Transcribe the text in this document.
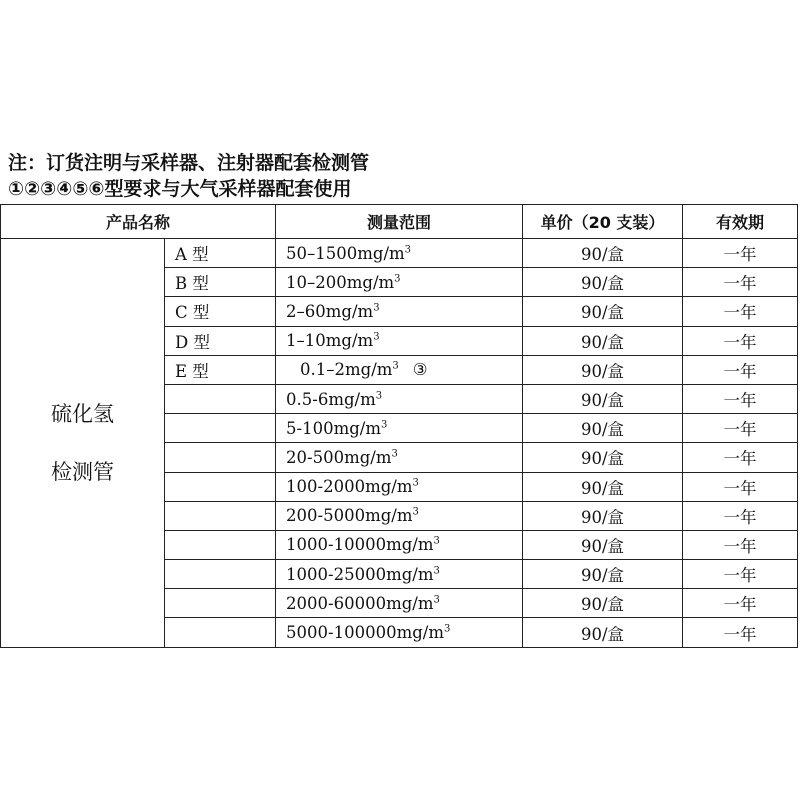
注：订货注明与采样器、注射器配套检测管
①②③④⑤⑥型要求与大气采样器配套使用
产品名称		测量范围	单价（20 支装）	有效期

硫化氢
检测管	A 型	$50-1500mg/m^3$	90/盒	一年
	B 型	$10-200mg/m^3$	90/盒	一年
	C 型	$2-60mg/m^3$	90/盒	一年
	D 型	$1-10mg/m^3$	90/盒	一年
	E 型	$0.1-2mg/m^3$ ③	90/盒	一年
		$0.5-6mg/m^3$	90/盒	一年
		$5-100mg/m^3$	90/盒	一年
		$20-500mg/m^3$	90/盒	一年
		$100-2000mg/m^3$	90/盒	一年
		$200-5000mg/m^3$	90/盒	一年
		$1000-10000mg/m^3$	90/盒	一年
		$1000-25000mg/m^3$	90/盒	一年
		$2000-60000mg/m^3$	90/盒	一年
		$5000-100000mg/m^3$	90/盒	一年
